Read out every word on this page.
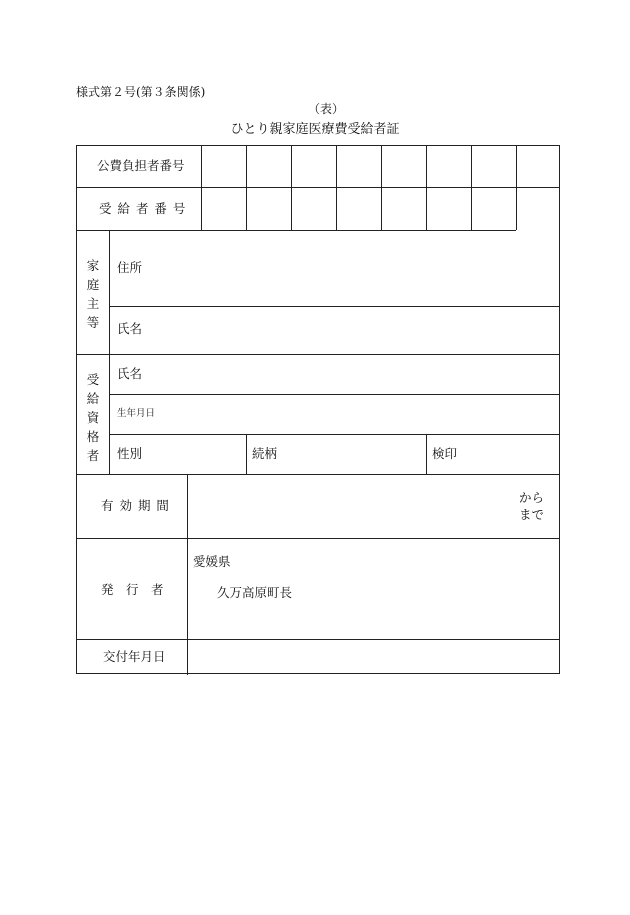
様式第２号(第３条関係)
（表）
ひとり親家庭医療費受給者証
公費負担者番号
受 給 者 番 号
家
庭
主
等
住所
氏名
受
給
資
格
者
氏名
生年月日
性別	続柄	検印
有 効 期 間
から
まで
発　行　者
愛媛県
久万高原町長
交付年月日
